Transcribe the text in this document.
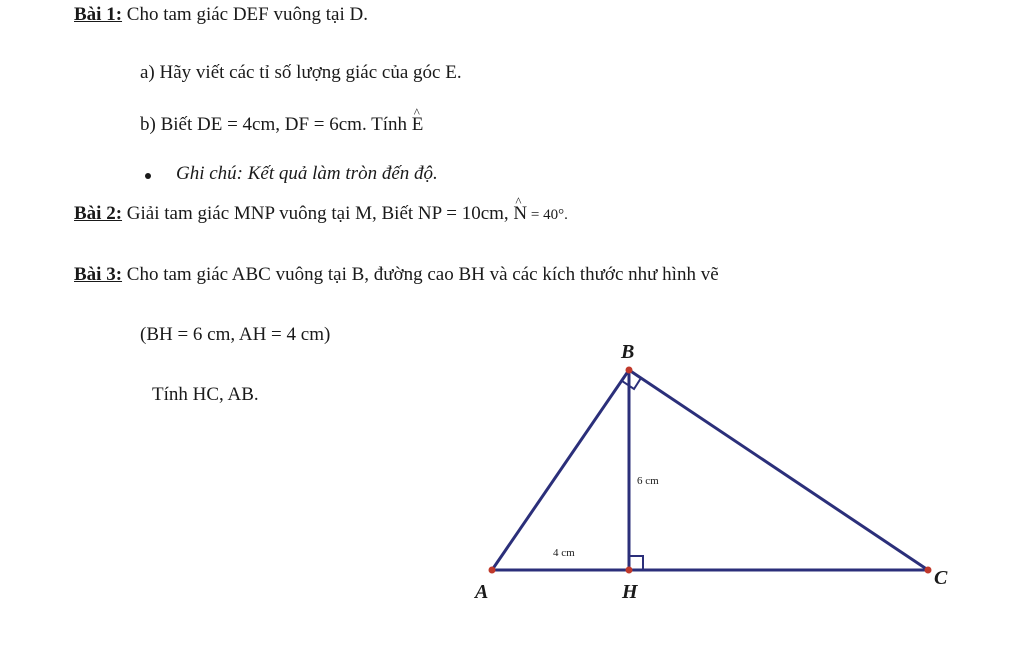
Bài 1: Cho tam giác DEF vuông tại D.
a) Hãy viết các tỉ số lượng giác của góc E.
b) Biết DE = 4cm, DF = 6cm. Tính ^ E
Ghi chú: Kết quả làm tròn đến độ.
Bài 2: Giải tam giác MNP vuông tại M, Biết NP = 10cm, ^ N = 40°.
Bài 3: Cho tam giác ABC vuông tại B, đường cao BH và các kích thước như hình vẽ
(BH = 6 cm, AH = 4 cm)
Tính HC, AB.
B
A	H
C
6 cm
4 cm
